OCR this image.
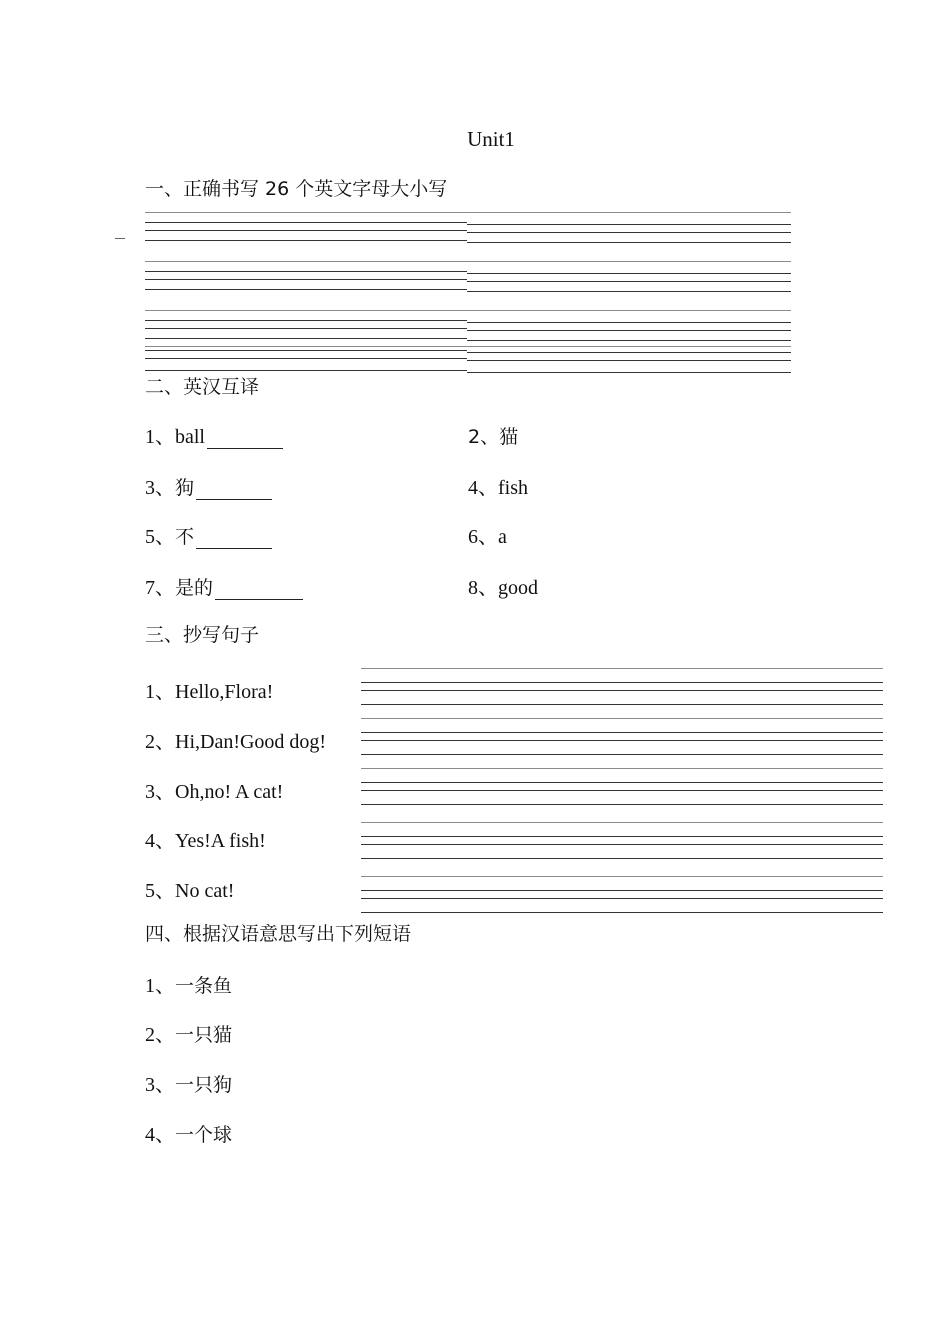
Unit1
一、正确书写 26 个英文字母大小写
二、英汉互译
1、ball	2、猫
3、狗	4、fish
5、不	6、a
7、是的	8、good
三、抄写句子
1、Hello,Flora!
2、Hi,Dan!Good dog!
3、Oh,no! A cat!
4、Yes!A fish!
5、No cat!
四、根据汉语意思写出下列短语
1、一条鱼
2、一只猫
3、一只狗
4、一个球
